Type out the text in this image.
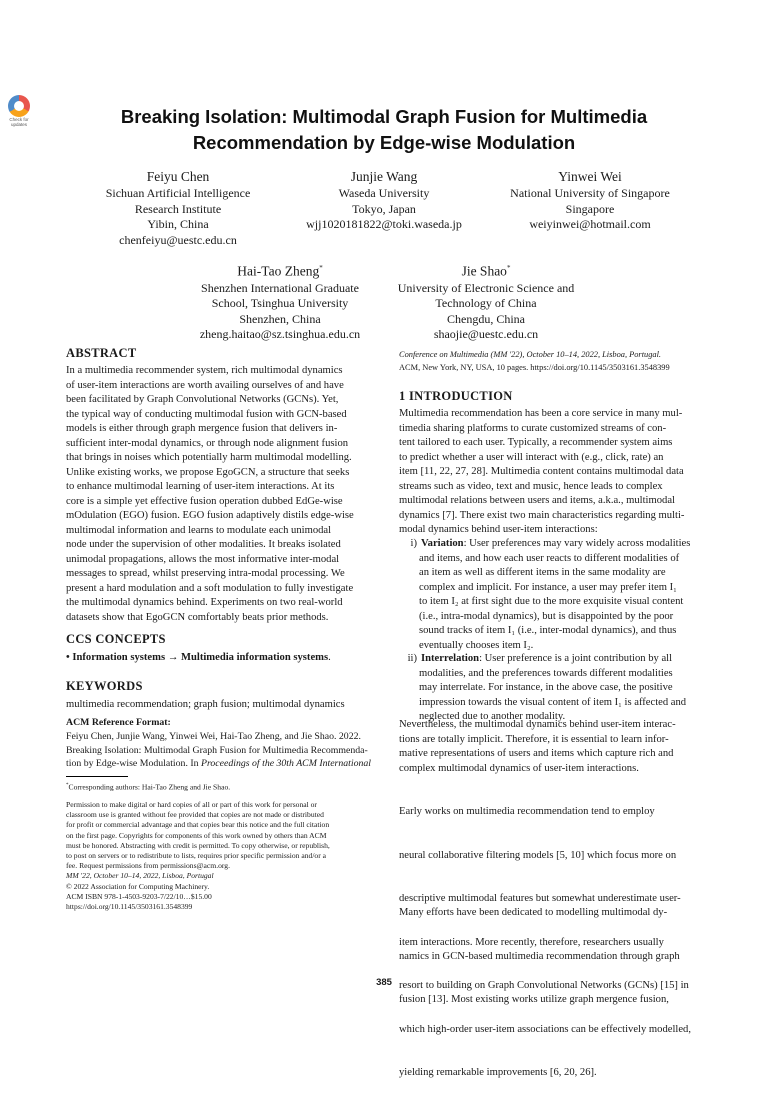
Check for
updates	Breaking Isolation: Multimodal Graph Fusion for Multimedia
Recommendation by Edge-wise Modulation
Feiyu Chen
Sichuan Artificial Intelligence
Research Institute
Yibin, China
chenfeiyu@uestc.edu.cn
Junjie Wang
Waseda University
Tokyo, Japan
wjj1020181822@toki.waseda.jp
Yinwei Wei
National University of Singapore
Singapore
weiyinwei@hotmail.com
Hai-Tao Zheng*
Shenzhen International Graduate
School, Tsinghua University
Shenzhen, China
zheng.haitao@sz.tsinghua.edu.cn
Jie Shao*
University of Electronic Science and
Technology of China
Chengdu, China
shaojie@uestc.edu.cn
ABSTRACT
In a multimedia recommender system, rich multimodal dynamics
of user-item interactions are worth availing ourselves of and have
been facilitated by Graph Convolutional Networks (GCNs). Yet,
the typical way of conducting multimodal fusion with GCN-based
models is either through graph mergence fusion that delivers in-
sufficient inter-modal dynamics, or through node alignment fusion
that brings in noises which potentially harm multimodal modelling.
Unlike existing works, we propose EgoGCN, a structure that seeks
to enhance multimodal learning of user-item interactions. At its
core is a simple yet effective fusion operation dubbed EdGe-wise
mOdulation (EGO) fusion. EGO fusion adaptively distils edge-wise
multimodal information and learns to modulate each unimodal
node under the supervision of other modalities. It breaks isolated
unimodal propagations, allows the most informative inter-modal
messages to spread, whilst preserving intra-modal processing. We
present a hard modulation and a soft modulation to fully investigate
the multimodal dynamics behind. Experiments on two real-world
datasets show that EgoGCN comfortably beats prior methods.
CCS CONCEPTS
• Information systems → Multimedia information systems.
KEYWORDS
multimedia recommendation; graph fusion; multimodal dynamics
ACM Reference Format:
Feiyu Chen, Junjie Wang, Yinwei Wei, Hai-Tao Zheng, and Jie Shao. 2022.
Breaking Isolation: Multimodal Graph Fusion for Multimedia Recommenda-
tion by Edge-wise Modulation. In Proceedings of the 30th ACM International
*Corresponding authors: Hai-Tao Zheng and Jie Shao.
Permission to make digital or hard copies of all or part of this work for personal or
classroom use is granted without fee provided that copies are not made or distributed
for profit or commercial advantage and that copies bear this notice and the full citation
on the first page. Copyrights for components of this work owned by others than ACM
must be honored. Abstracting with credit is permitted. To copy otherwise, or republish,
to post on servers or to redistribute to lists, requires prior specific permission and/or a
fee. Request permissions from permissions@acm.org.
MM '22, October 10–14, 2022, Lisboa, Portugal
© 2022 Association for Computing Machinery.
ACM ISBN 978-1-4503-9203-7/22/10…$15.00
https://doi.org/10.1145/3503161.3548399
Conference on Multimedia (MM '22), October 10–14, 2022, Lisboa, Portugal.
ACM, New York, NY, USA, 10 pages. https://doi.org/10.1145/3503161.3548399
1 INTRODUCTION
Multimedia recommendation has been a core service in many mul-
timedia sharing platforms to curate customized streams of con-
tent tailored to each user. Typically, a recommender system aims
to predict whether a user will interact with (e.g., click, rate) an
item [11, 22, 27, 28]. Multimedia content contains multimodal data
streams such as video, text and music, hence leads to complex
multimodal relations between users and items, a.k.a., multimodal
dynamics [7]. There exist two main characteristics regarding multi-
modal dynamics behind user-item interactions:
i) Variation: User preferences may vary widely across modalities
and items, and how each user reacts to different modalities of
an item as well as different items in the same modality are
complex and implicit. For instance, a user may prefer item I₁
to item I₂ at first sight due to the more exquisite visual content
(i.e., intra-modal dynamics), but is disappointed by the poor
sound tracks of item I₁ (i.e., inter-modal dynamics), and thus
eventually chooses item I₂.
ii) Interrelation: User preference is a joint contribution by all
modalities, and the preferences towards different modalities
may interrelate. For instance, in the above case, the positive
impression towards the visual content of item I₁ is affected and
neglected due to another modality.
Nevertheless, the multimodal dynamics behind user-item interac-
tions are totally implicit. Therefore, it is essential to learn infor-
mative representations of users and items which capture rich and
complex multimodal dynamics of user-item interactions.

Early works on multimedia recommendation tend to employ

neural collaborative filtering models [5, 10] which focus more on

descriptive multimodal features but somewhat underestimate user-

item interactions. More recently, therefore, researchers usually

resort to building on Graph Convolutional Networks (GCNs) [15] in

which high-order user-item associations can be effectively modelled,

yielding remarkable improvements [6, 20, 26].

Many efforts have been dedicated to modelling multimodal dy-

namics in GCN-based multimedia recommendation through graph

fusion [13]. Most existing works utilize graph mergence fusion,

385
